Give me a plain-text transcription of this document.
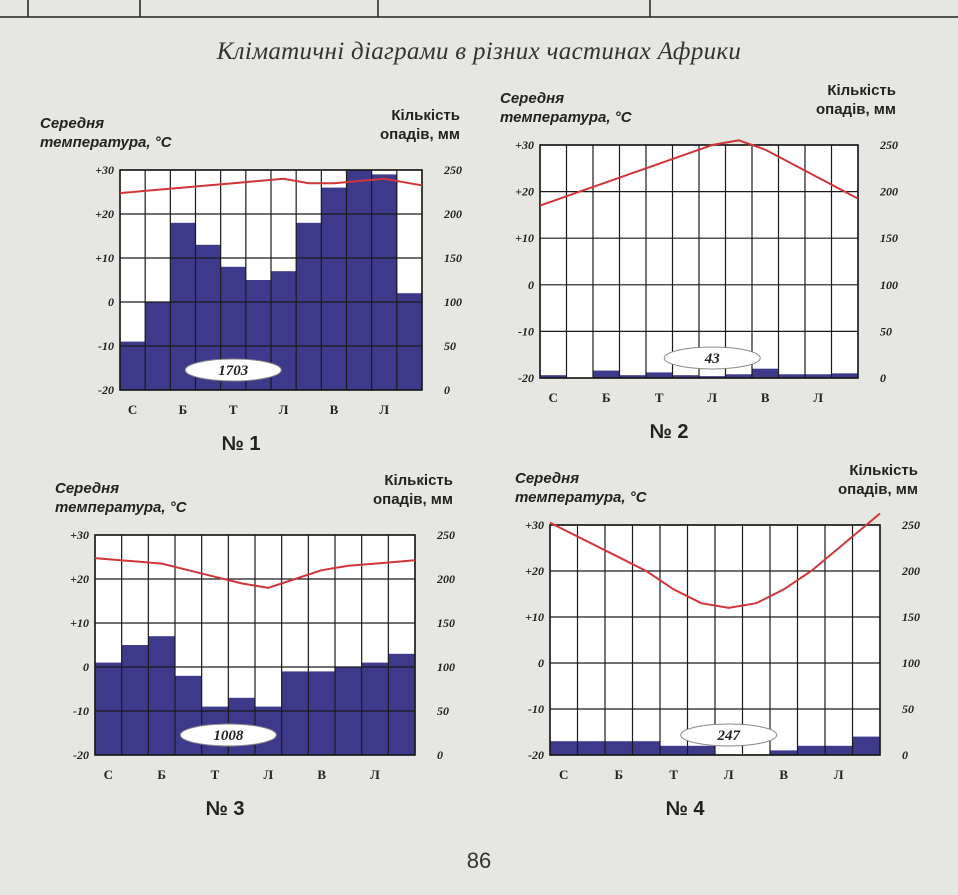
Кліматичні діаграми в різних частинах Африки
+30
+20
+10
0
-10
-20
250
200
150
100
50
0
С	Б	Т	Л	В	Л
Середня
температура, °С
Кількість
опадів, мм
1703
№ 1
+30
+20
+10
0
-10
-20
250
200
150
100
50
0
С	Б	Т	Л	В	Л
Середня
температура, °С
Кількість
опадів, мм
43
№ 2
+30
+20
+10
0
-10
-20
250
200
150
100
50
0
С	Б	Т	Л	В	Л
Середня
температура, °С
Кількість
опадів, мм
1008
№ 3
+30
+20
+10
0
-10
-20
250
200
150
100
50
0
С	Б	Т	Л	В	Л
Середня
температура, °С
Кількість
опадів, мм
247
№ 4
86
